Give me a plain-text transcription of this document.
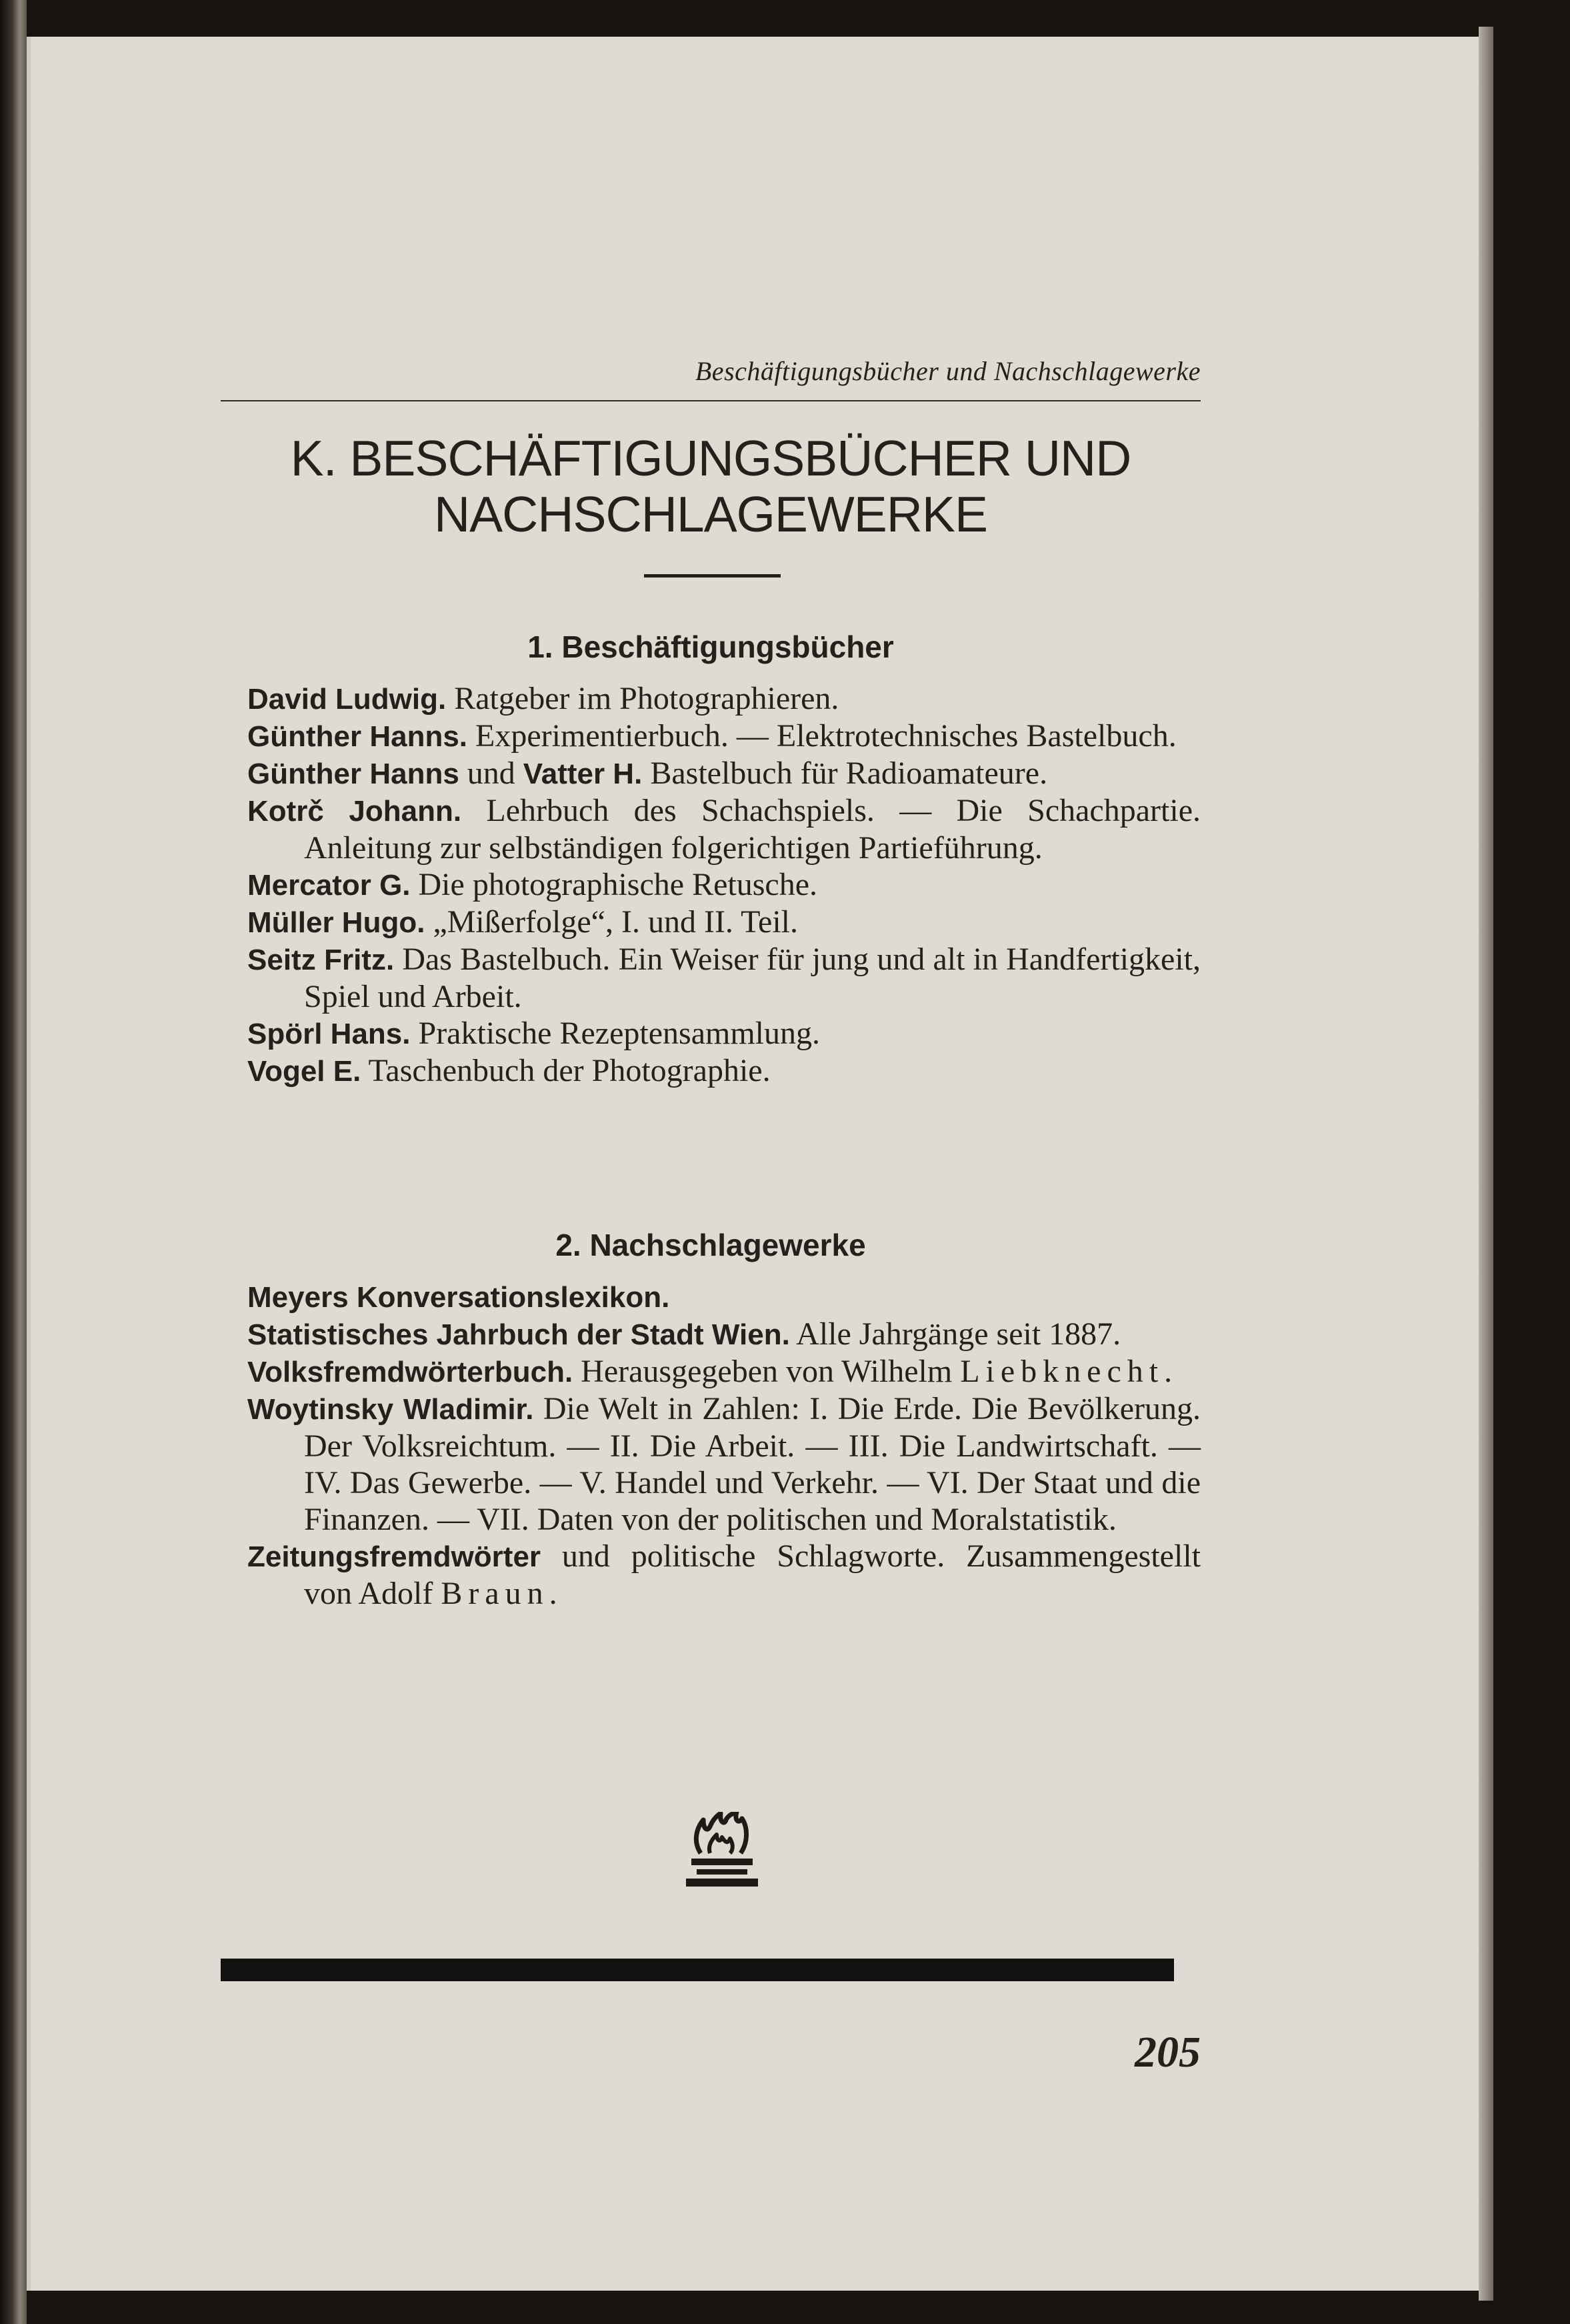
Beschäftigungsbücher und Nachschlagewerke
K. BESCHÄFTIGUNGSBÜCHER UND
NACHSCHLAGEWERKE
1. Beschäftigungsbücher

David Ludwig. Ratgeber im Photographieren.

Günther Hanns. Experimentierbuch. — Elektrotechnisches Bastelbuch.

Günther Hanns und Vatter H. Bastelbuch für Radioamateure.

Kotrč Johann. Lehrbuch des Schachspiels. — Die Schachpartie. Anleitung zur selbständigen folgerichtigen Partieführung.

Mercator G. Die photographische Retusche.

Müller Hugo. „Mißerfolge“, I. und II. Teil.

Seitz Fritz. Das Bastelbuch. Ein Weiser für jung und alt in Handfertigkeit, Spiel und Arbeit.

Spörl Hans. Praktische Rezeptensammlung.

Vogel E. Taschenbuch der Photographie.

2. Nachschlagewerke

Meyers Konversationslexikon.

Statistisches Jahrbuch der Stadt Wien. Alle Jahrgänge seit 1887.

Volksfremdwörterbuch. Herausgegeben von Wilhelm Liebknecht.

Woytinsky Wladimir. Die Welt in Zahlen: I. Die Erde. Die Bevölkerung. Der Volksreichtum. — II. Die Arbeit. — III. Die Landwirtschaft. — IV. Das Gewerbe. — V. Handel und Verkehr. — VI. Der Staat und die Finanzen. — VII. Daten von der politischen und Moralstatistik.

Zeitungsfremdwörter und politische Schlagworte. Zusammengestellt von Adolf Braun.

205
